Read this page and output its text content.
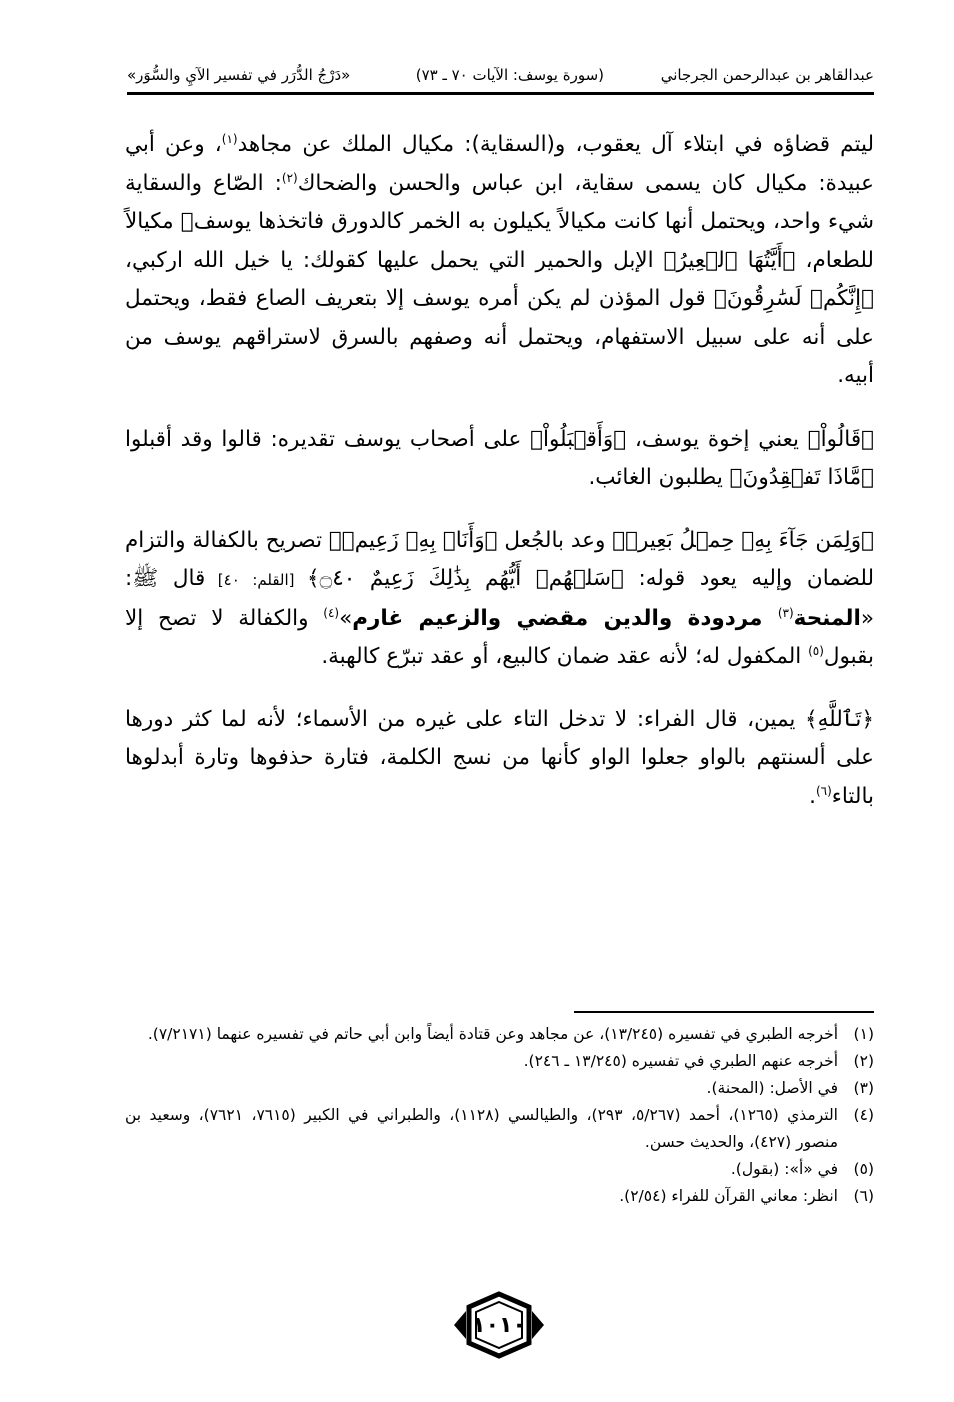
عبدالقاهر بن عبدالرحمن الجرجاني
(سورة يوسف: الآيات ٧٠ ـ ٧٣)
«دَرْجُ الدُّرَر في تفسير الآيِ والسُّوَر»

ليتم قضاؤه في ابتلاء آل يعقوب، و(السقاية): مكيال الملك عن مجاهد$^{(١)}$، وعن أبي عبيدة: مكيال كان يسمى سقاية، ابن عباس والحسن والضحاك$^{(٢)}$: الصّاع والسقاية شيء واحد، ويحتمل أنها كانت مكيالاً يكيلون به الخمر كالدورق فاتخذها يوسفﷺ مكيالاً للطعام، ﴿أَيَّتُهَا ٱلۡعِيرُ﴾ الإبل والحمير التي يحمل عليها كقولك: يا خيل الله اركبي، ﴿إِنَّكُمۡ لَسَٰرِقُونَ﴾ قول المؤذن لم يكن أمره يوسف إلا بتعريف الصاع فقط، ويحتمل على أنه على سبيل الاستفهام، ويحتمل أنه وصفهم بالسرق لاستراقهم يوسف من أبيه.

﴿قَالُواْ﴾ يعني إخوة يوسف، ﴿وَأَقۡبَلُواْ﴾ على أصحاب يوسف تقديره: قالوا وقد أقبلوا ﴿مَّاذَا تَفۡقِدُونَ﴾ يطلبون الغائب.

﴿وَلِمَن جَآءَ بِهِۦ حِمۡلُ بَعِيرٖ﴾ وعد بالجُعل ﴿وَأَنَا۠ بِهِۦ زَعِيمٞ﴾ تصريح بالكفالة والتزام للضمان وإليه يعود قوله: ﴿سَلۡهُمۡ أَيُّهُم بِذَٰلِكَ زَعِيمٌ ۝٤٠﴾ [القلم: ٤٠] قال ﷺ: «المنحة$^{(٣)}$ مردودة والدين مقضي والزعيم غارم»$^{(٤)}$ والكفالة لا تصح إلا بقبول$^{(٥)}$ المكفول له؛ لأنه عقد ضمان كالبيع، أو عقد تبرّع كالهبة.

﴿تَٱللَّهِ﴾ يمين، قال الفراء: لا تدخل التاء على غيره من الأسماء؛ لأنه لما كثر دورها على ألسنتهم بالواو جعلوا الواو كأنها من نسج الكلمة، فتارة حذفوها وتارة أبدلوها بالتاء$^{(٦)}$.

(١)
أخرجه الطبري في تفسيره (١٣/٢٤٥)، عن مجاهد وعن قتادة أيضاً وابن أبي حاتم في تفسيره عنهما (٧/٢١٧١).
(٢)
أخرجه عنهم الطبري في تفسيره (١٣/٢٤٥ ـ ٢٤٦).
(٣)
في الأصل: (المحنة).
(٤)
الترمذي (١٢٦٥)، أحمد (٥/٢٦٧، ٢٩٣)، والطيالسي (١١٢٨)، والطبراني في الكبير (٧٦١٥، ٧٦٢١)، وسعيد بن منصور (٤٢٧)، والحديث حسن.
(٥)
في «أ»: (بقول).
(٦)
انظر: معاني القرآن للفراء (٢/٥٤).
١٠١٠
